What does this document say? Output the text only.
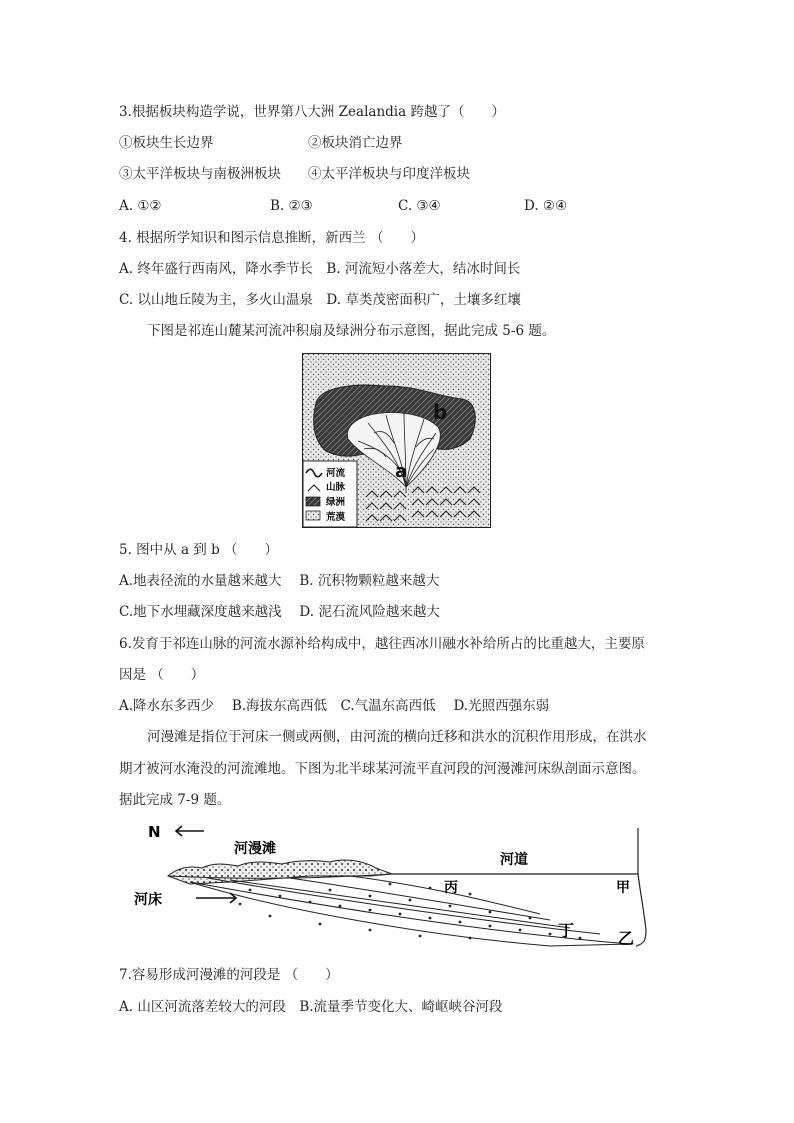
3.根据板块构造学说，世界第八大洲 Zealandia 跨越了（　　）
①板块生长边界	②板块消亡边界
③太平洋板块与南极洲板块 ④太平洋板块与印度洋板块
A. ①②	B. ②③	C. ③④	D. ②④
4. 根据所学知识和图示信息推断，新西兰 （　　）
A. 终年盛行西南风，降水季节长　B. 河流短小落差大，结冰时间长
C. 以山地丘陵为主，多火山温泉　D. 草类茂密面积广，土壤多红壤
下图是祁连山麓某河流冲积扇及绿洲分布示意图，据此完成 5-6 题。
b
a
河流
山脉
绿洲
荒漠
5. 图中从 a 到 b （　　）
A.地表径流的水量越来越大　 B. 沉积物颗粒越来越大
C.地下水埋藏深度越来越浅　 D. 泥石流风险越来越大
6.发育于祁连山脉的河流水源补给构成中，越往西冰川融水补给所占的比重越大，主要原
因是 （　　）
A.降水东多西少　 B.海拔东高西低　C.气温东高西低　 D.光照西强东弱
河漫滩是指位于河床一侧或两侧，由河流的横向迁移和洪水的沉积作用形成，在洪水
期才被河水淹没的河流滩地。下图为北半球某河流平直河段的河漫滩河床纵剖面示意图。
据此完成 7-9 题。
N
河漫滩
河道
河床
丙	甲
丁	乙
7.容易形成河漫滩的河段是 （　　）
A. 山区河流落差较大的河段　B.流量季节变化大、崎岖峡谷河段
